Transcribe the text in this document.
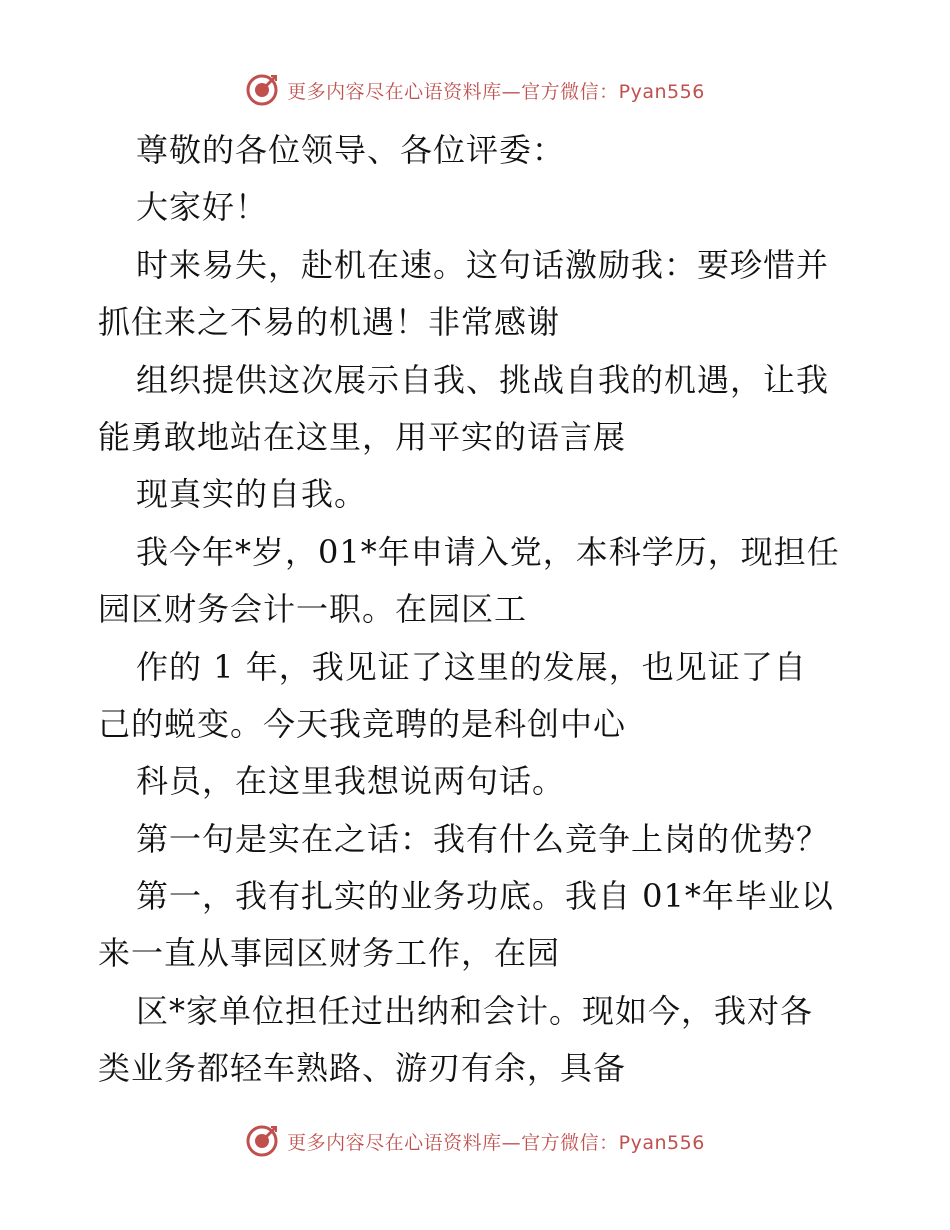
更多内容尽在心语资料库—官方微信：Pyan556
尊敬的各位领导、各位评委：
大家好！
时来易失，赴机在速。这句话激励我：要珍惜并
抓住来之不易的机遇！非常感谢
组织提供这次展示自我、挑战自我的机遇，让我
能勇敢地站在这里，用平实的语言展
现真实的自我。
我今年*岁，01*年申请入党，本科学历，现担任
园区财务会计一职。在园区工
作的 1 年，我见证了这里的发展，也见证了自
己的蜕变。今天我竞聘的是科创中心
科员，在这里我想说两句话。
第一句是实在之话：我有什么竞争上岗的优势？
第一，我有扎实的业务功底。我自 01*年毕业以
来一直从事园区财务工作，在园
区*家单位担任过出纳和会计。现如今，我对各
类业务都轻车熟路、游刃有余，具备
更多内容尽在心语资料库—官方微信：Pyan556
